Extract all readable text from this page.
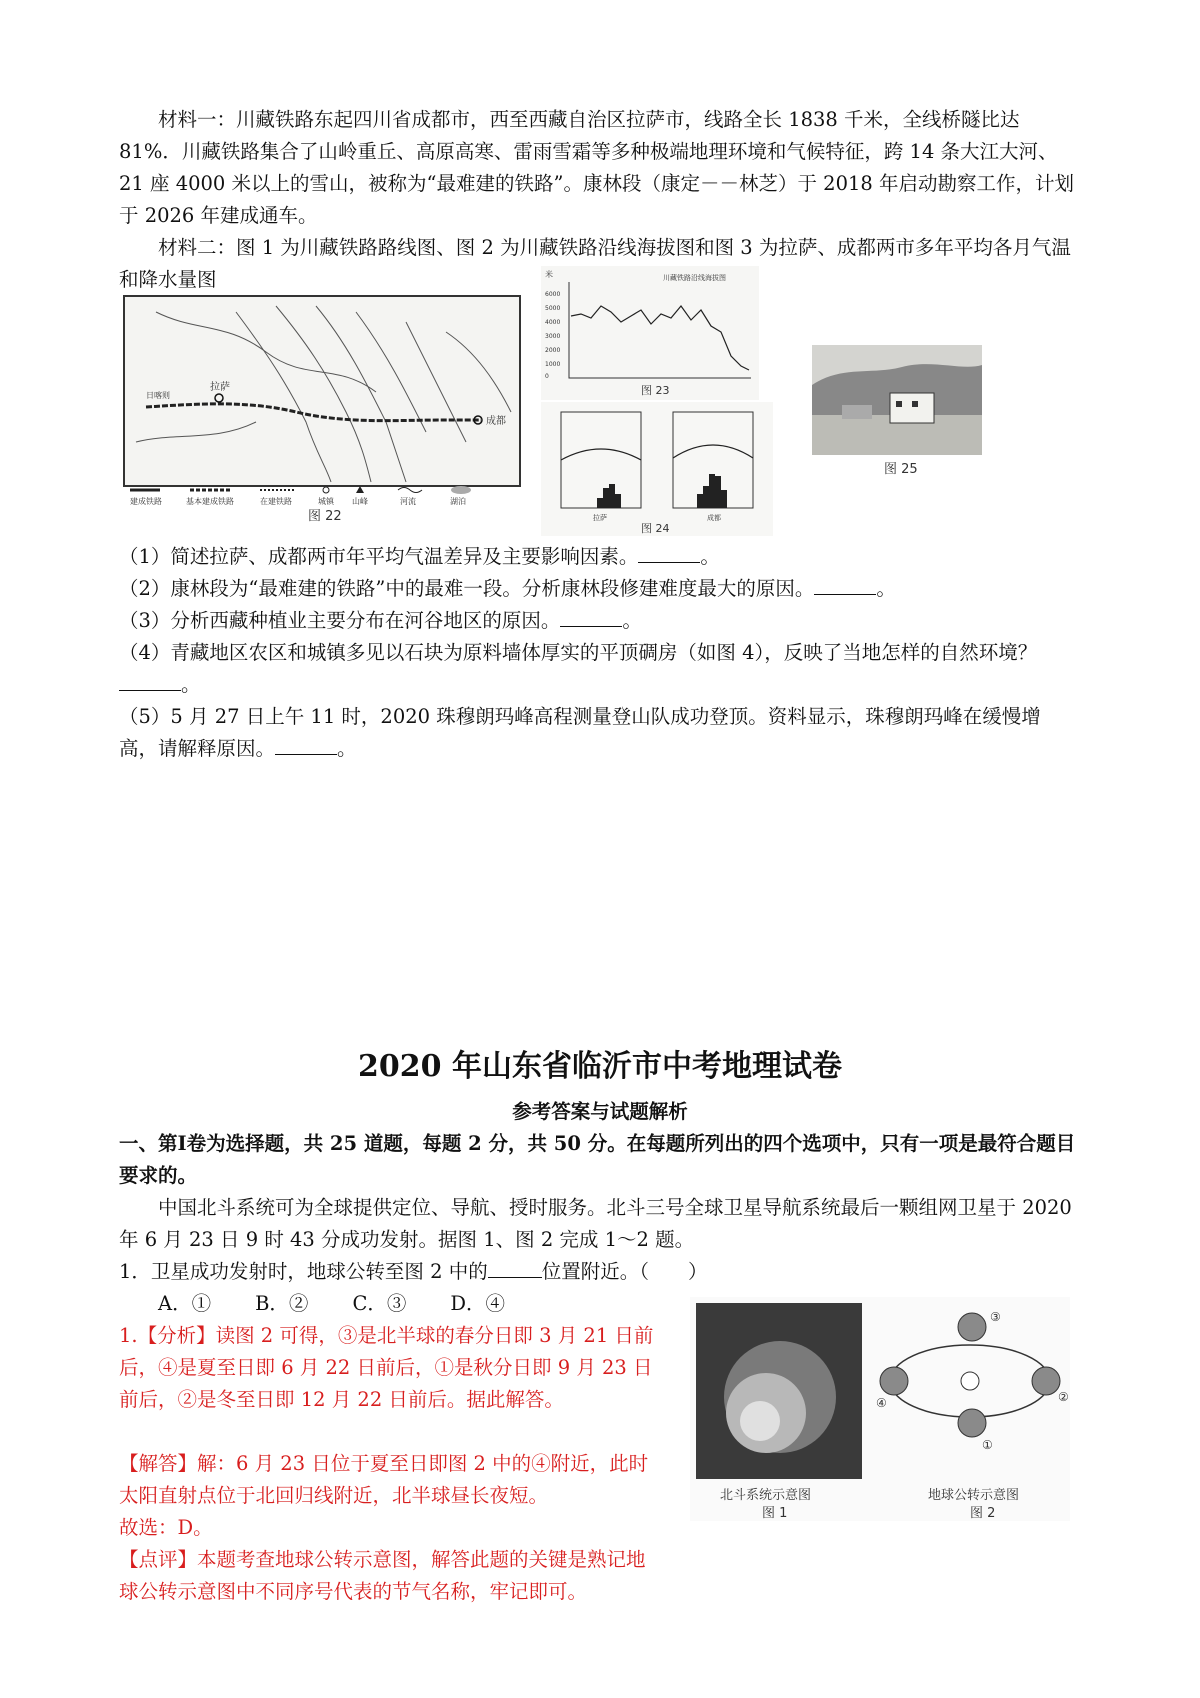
材料一：川藏铁路东起四川省成都市，西至西藏自治区拉萨市，线路全长 1838 千米，全线桥隧比达81%．川藏铁路集合了山岭重丘、高原高寒、雷雨雪霜等多种极端地理环境和气候特征，跨 14 条大江大河、21 座 4000 米以上的雪山，被称为“最难建的铁路”。康林段（康定－－林芝）于 2018 年启动勘察工作，计划于 2026 年建成通车。
材料二：图 1 为川藏铁路路线图、图 2 为川藏铁路沿线海拔图和图 3 为拉萨、成都两市多年平均各月气温和降水量图
拉萨
成都
日喀则
建成铁路	基本建成铁路	在建铁路	城镇 山峰	河流	湖泊
图 22
米	川藏铁路沿线海拔图
6000
5000
4000
3000
2000
1000
0
图 23
拉萨	成都
图 24
图 25
（1）简述拉萨、成都两市年平均气温差异及主要影响因素。	。
（2）康林段为“最难建的铁路”中的最难一段。分析康林段修建难度最大的原因。	。
（3）分析西藏种植业主要分布在河谷地区的原因。	。
（4）青藏地区农区和城镇多见以石块为原料墙体厚实的平顶碉房（如图 4），反映了当地怎样的自然环境？。
（5）5 月 27 日上午 11 时，2020 珠穆朗玛峰高程测量登山队成功登顶。资料显示，珠穆朗玛峰在缓慢增高，请解释原因。	。
2020 年山东省临沂市中考地理试卷
参考答案与试题解析
一、第Ⅰ卷为选择题，共 25 道题，每题 2 分，共 50 分。在每题所列出的四个选项中，只有一项是最符合题目要求的。
中国北斗系统可为全球提供定位、导航、授时服务。北斗三号全球卫星导航系统最后一颗组网卫星于 2020 年 6 月 23 日 9 时 43 分成功发射。据图 1、图 2 完成 1～2 题。
1．卫星成功发射时，地球公转至图 2 中的	位置附近。（　　）
A．① B．② C．③ D．④
1.【分析】读图 2 可得，③是北半球的春分日即 3 月 21 日前后，④是夏至日即 6 月 22 日前后，①是秋分日即 9 月 23 日前后，②是冬至日即 12 月 22 日前后。据此解答。
【解答】解：6 月 23 日位于夏至日即图 2 中的④附近，此时太阳直射点位于北回归线附近，北半球昼长夜短。
故选：D。
【点评】本题考查地球公转示意图，解答此题的关键是熟记地球公转示意图中不同序号代表的节气名称，牢记即可。
北斗系统示意图
图 1
③
②
①
④
地球公转示意图
图 2
